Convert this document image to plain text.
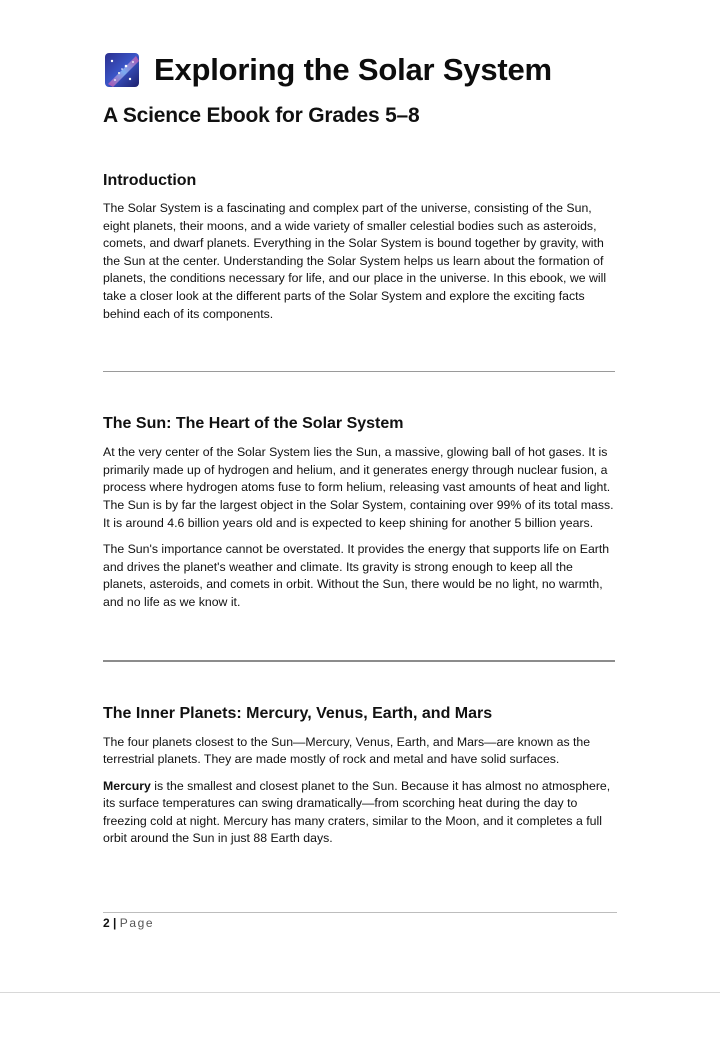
Exploring the Solar System
A Science Ebook for Grades 5–8
Introduction

The Solar System is a fascinating and complex part of the universe, consisting of the Sun, eight planets, their moons, and a wide variety of smaller celestial bodies such as asteroids, comets, and dwarf planets. Everything in the Solar System is bound together by gravity, with the Sun at the center. Understanding the Solar System helps us learn about the formation of planets, the conditions necessary for life, and our place in the universe. In this ebook, we will take a closer look at the different parts of the Solar System and explore the exciting facts behind each of its components.

The Sun: The Heart of the Solar System

At the very center of the Solar System lies the Sun, a massive, glowing ball of hot gases. It is primarily made up of hydrogen and helium, and it generates energy through nuclear fusion, a process where hydrogen atoms fuse to form helium, releasing vast amounts of heat and light. The Sun is by far the largest object in the Solar System, containing over 99% of its total mass. It is around 4.6 billion years old and is expected to keep shining for another 5 billion years.

The Sun's importance cannot be overstated. It provides the energy that supports life on Earth and drives the planet's weather and climate. Its gravity is strong enough to keep all the planets, asteroids, and comets in orbit. Without the Sun, there would be no light, no warmth, and no life as we know it.

The Inner Planets: Mercury, Venus, Earth, and Mars

The four planets closest to the Sun—Mercury, Venus, Earth, and Mars—are known as the terrestrial planets. They are made mostly of rock and metal and have solid surfaces.

Mercury is the smallest and closest planet to the Sun. Because it has almost no atmosphere, its surface temperatures can swing dramatically—from scorching heat during the day to freezing cold at night. Mercury has many craters, similar to the Moon, and it completes a full orbit around the Sun in just 88 Earth days.

2 | Page
